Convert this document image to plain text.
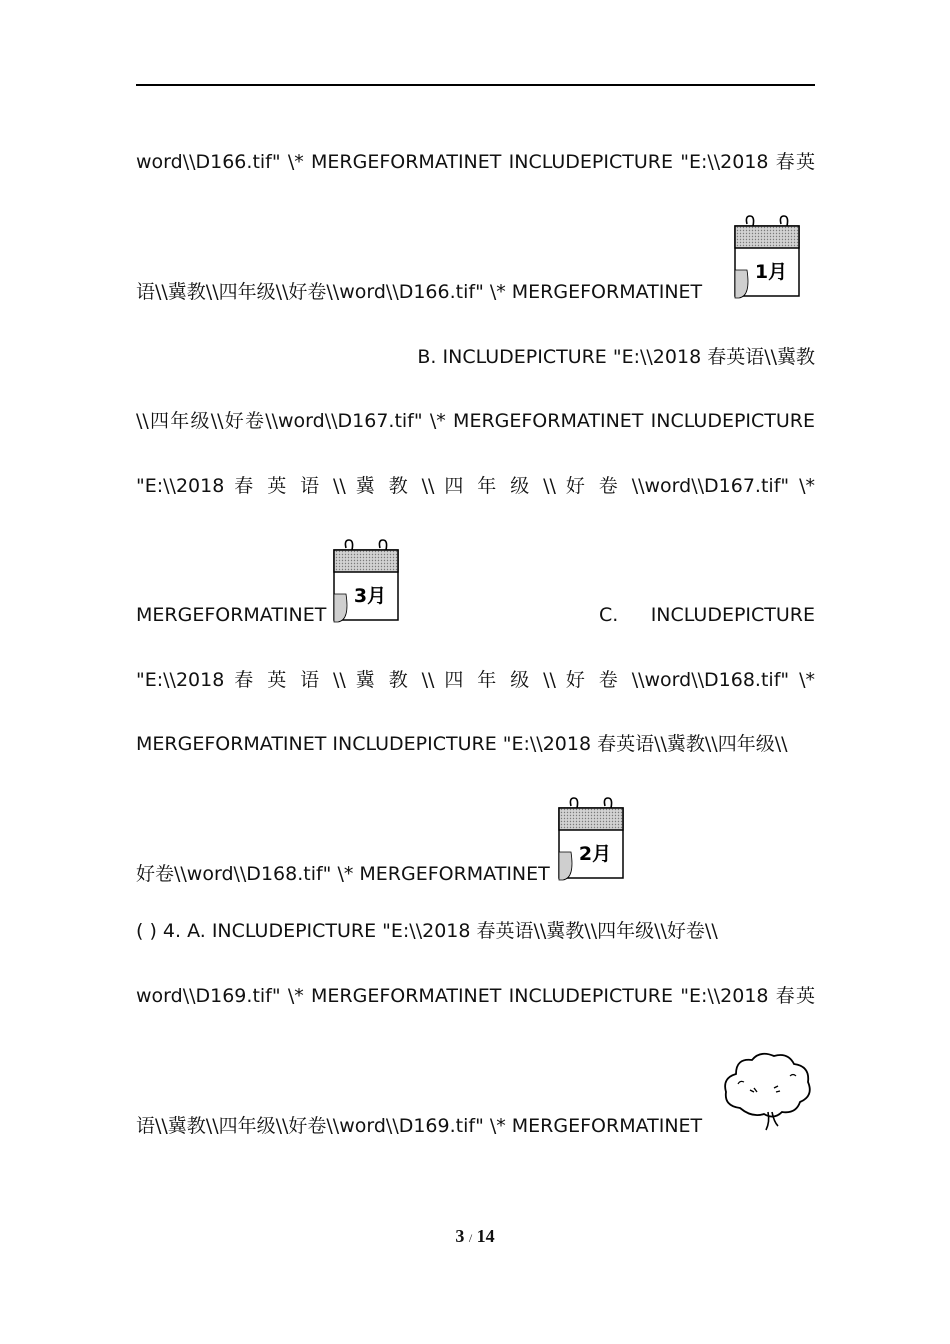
word\\D166.tif" \* MERGEFORMATINET INCLUDEPICTURE "E:\\2018 春英
语\\冀教\\四年级\\好卷\\word\\D166.tif" \* MERGEFORMATINET
1月
B. INCLUDEPICTURE "E:\\2018 春英语\\冀教
\\四年级\\好卷\\word\\D167.tif" \* MERGEFORMATINET INCLUDEPICTURE
"E:\\2018 春 英 语 \\ 冀 教 \\ 四 年 级 \\ 好 卷 \\word\\D167.tif" \*
MERGEFORMATINET
3月
C.	INCLUDEPICTURE
"E:\\2018 春 英 语 \\ 冀 教 \\ 四 年 级 \\ 好 卷 \\word\\D168.tif" \*
MERGEFORMATINET INCLUDEPICTURE "E:\\2018 春英语\\冀教\\四年级\\
好卷\\word\\D168.tif" \* MERGEFORMATINET
2月
( ) 4. A. INCLUDEPICTURE "E:\\2018 春英语\\冀教\\四年级\\好卷\\
word\\D169.tif" \* MERGEFORMATINET INCLUDEPICTURE "E:\\2018 春英
语\\冀教\\四年级\\好卷\\word\\D169.tif" \* MERGEFORMATINET
3 / 14
